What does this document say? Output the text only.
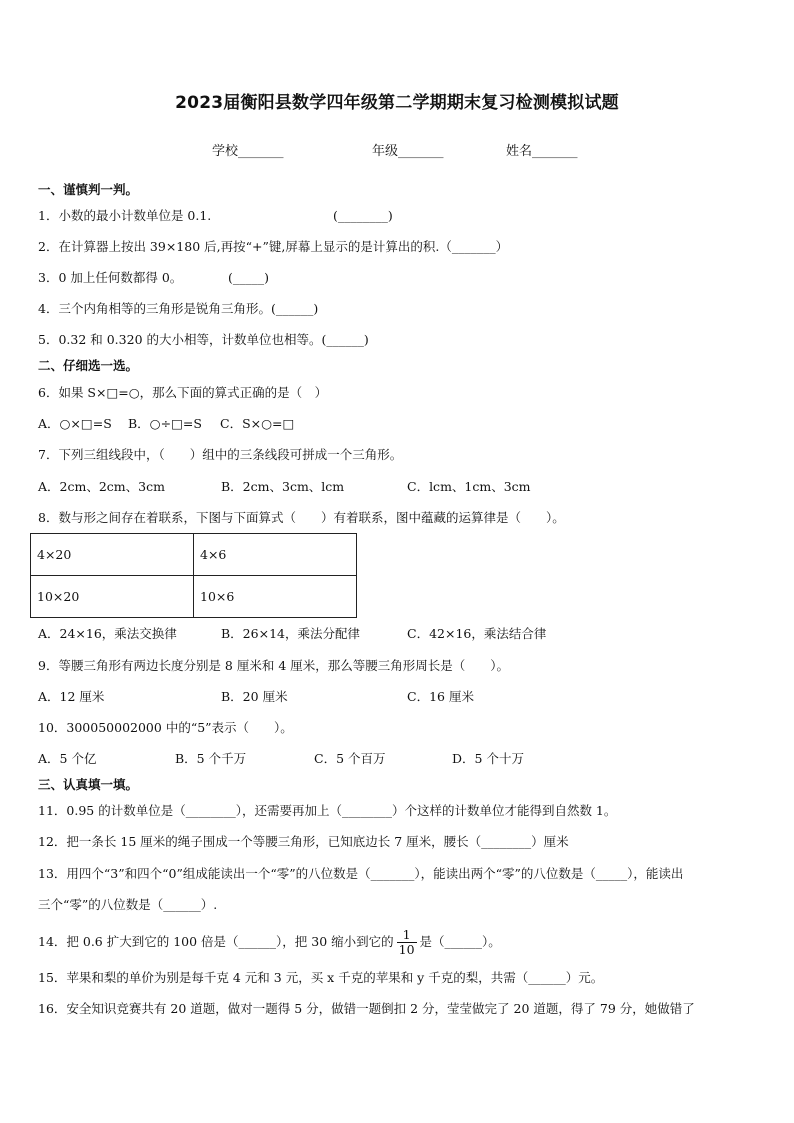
2023届衡阳县数学四年级第二学期期末复习检测模拟试题
学校_______	年级_______	姓名_______
一、谨慎判一判。
1．小数的最小计数单位是 0.1.	(________)
2．在计算器上按出 39×180 后,再按“+”键,屏幕上显示的是计算出的积.（_______）
3．0 加上任何数都得 0。	(_____)
4．三个内角相等的三角形是锐角三角形。(______)
5．0.32 和 0.320 的大小相等，计数单位也相等。(______)
二、仔细选一选。
6．如果 S×□=○，那么下面的算式正确的是（　）
A．○×□=S B．○÷□=S C．S×○=□
7．下列三组线段中，（　　）组中的三条线段可拼成一个三角形。
A．2cm、2cm、3cm	B．2cm、3cm、lcm	C．lcm、1cm、3cm
8．数与形之间存在着联系，下图与下面算式（　　）有着联系，图中蕴藏的运算律是（　　）。
4×20	4×6
10×20	10×6
A．24×16，乘法交换律	B．26×14，乘法分配律	C．42×16，乘法结合律
9．等腰三角形有两边长度分别是 8 厘米和 4 厘米，那么等腰三角形周长是（　　）。
A．12 厘米	B．20 厘米	C．16 厘米
10．300050002000 中的“5”表示（　　）。
A．5 个亿	B．5 个千万	C．5 个百万	D．5 个十万
三、认真填一填。
11．0.95 的计数单位是（________），还需要再加上（________）个这样的计数单位才能得到自然数 1。
12．把一条长 15 厘米的绳子围成一个等腰三角形，已知底边长 7 厘米，腰长（________）厘米
13．用四个“3”和四个“0”组成能读出一个“零”的八位数是（_______），能读出两个“零”的八位数是（_____），能读出
三个“零”的八位数是（______）.
14．把 0.6 扩大到它的 100 倍是（______），把 30 缩小到它的 $\frac{1}{10}$ 是（______）。
15．苹果和梨的单价为别是每千克 4 元和 3 元，买 x 千克的苹果和 y 千克的梨，共需（______）元。
16．安全知识竞赛共有 20 道题，做对一题得 5 分，做错一题倒扣 2 分，莹莹做完了 20 道题，得了 79 分，她做错了
